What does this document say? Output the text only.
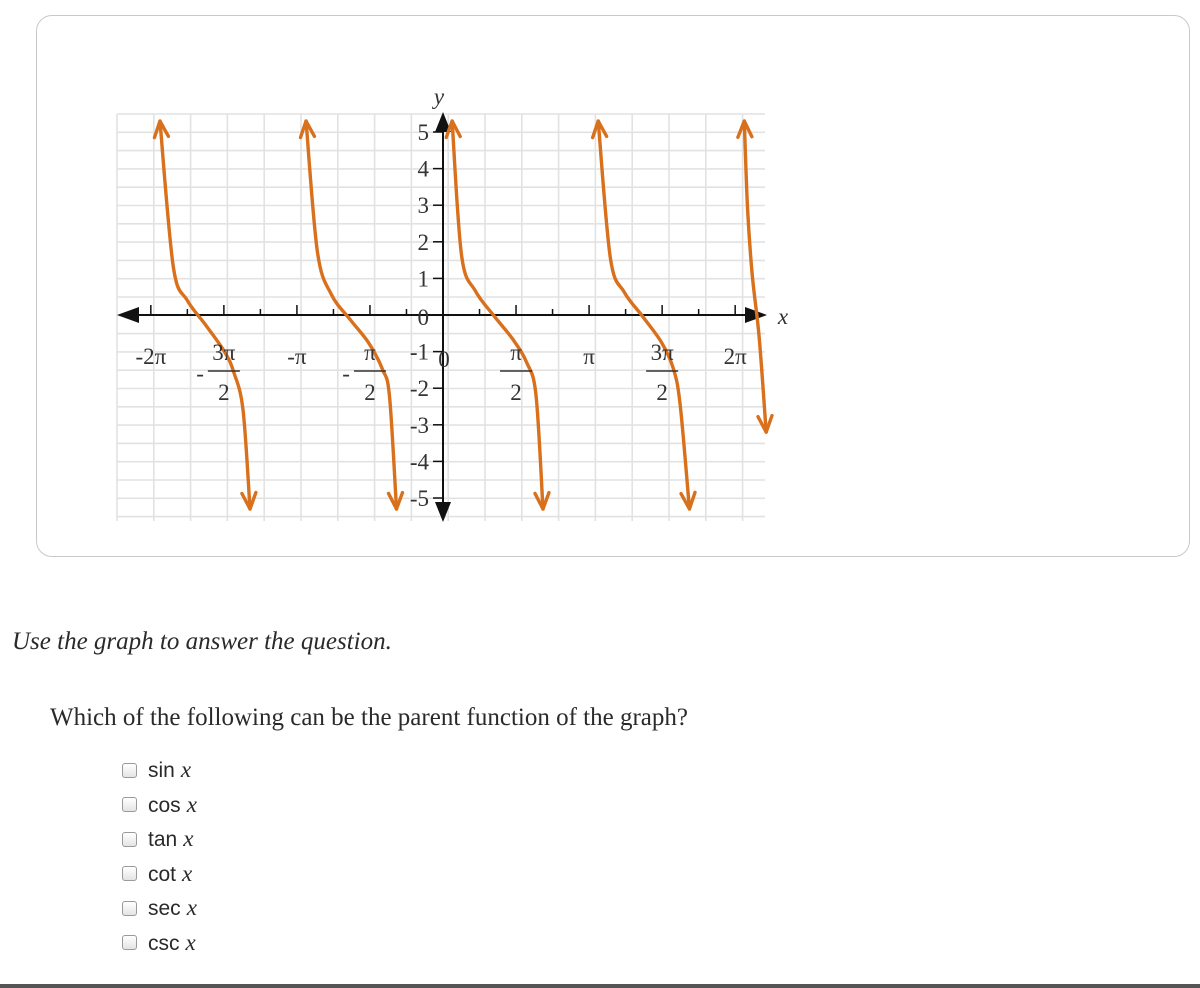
5
4
3
2
1
-1
-2
-3
-4
-5
0
0
-2π 3π
2
-
-π	π
2
-
π
2
π 3π
2
2π
y
x
Use the graph to answer the question.
Which of the following can be the parent function of the graph?
sin x
cos x
tan x
cot x
sec x
csc x
